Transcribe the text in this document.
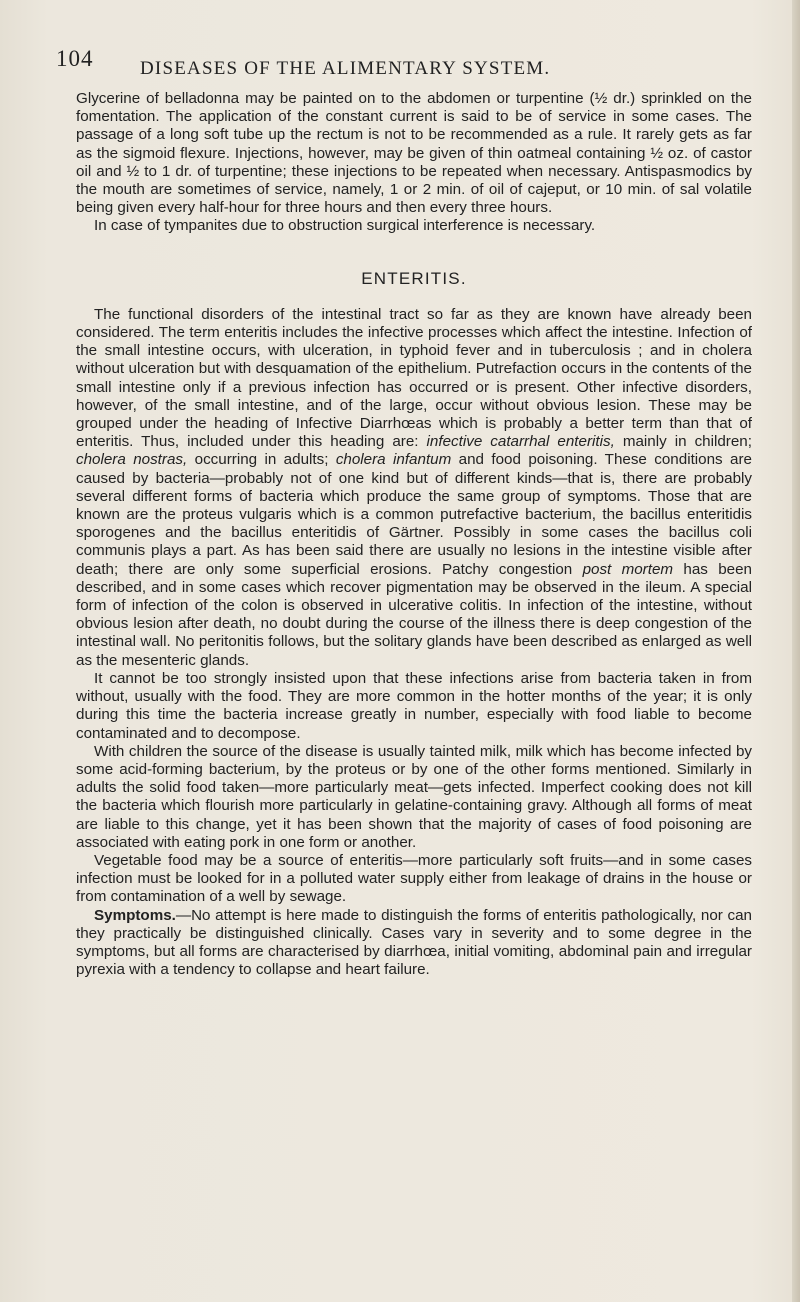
104 DISEASES OF THE ALIMENTARY SYSTEM.

Glycerine of belladonna may be painted on to the abdomen or turpentine (½ dr.) sprinkled on the fomentation. The application of the constant current is said to be of service in some cases. The passage of a long soft tube up the rectum is not to be recommended as a rule. It rarely gets as far as the sigmoid flexure. Injections, however, may be given of thin oatmeal containing ½ oz. of castor oil and ½ to 1 dr. of turpentine; these injections to be repeated when necessary. Antispasmodics by the mouth are sometimes of service, namely, 1 or 2 min. of oil of cajeput, or 10 min. of sal volatile being given every half-hour for three hours and then every three hours.

In case of tympanites due to obstruction surgical interference is necessary.

ENTERITIS.

The functional disorders of the intestinal tract so far as they are known have already been considered. The term enteritis includes the infective processes which affect the intestine. Infection of the small intestine occurs, with ulceration, in typhoid fever and in tuberculosis ; and in cholera without ulceration but with desquamation of the epithelium. Putrefaction occurs in the contents of the small intestine only if a previous infection has occurred or is present. Other infective disorders, however, of the small intestine, and of the large, occur without obvious lesion. These may be grouped under the heading of Infective Diarrhœas which is probably a better term than that of enteritis. Thus, included under this heading are: infective catarrhal enteritis, mainly in children; cholera nostras, occurring in adults; cholera infantum and food poisoning. These conditions are caused by bacteria—probably not of one kind but of different kinds—that is, there are probably several different forms of bacteria which produce the same group of symptoms. Those that are known are the proteus vulgaris which is a common putrefactive bacterium, the bacillus enteritidis sporogenes and the bacillus enteritidis of Gärtner. Possibly in some cases the bacillus coli communis plays a part. As has been said there are usually no lesions in the intestine visible after death; there are only some superficial erosions. Patchy congestion post mortem has been described, and in some cases which recover pigmentation may be observed in the ileum. A special form of infection of the colon is observed in ulcerative colitis. In infection of the intestine, without obvious lesion after death, no doubt during the course of the illness there is deep congestion of the intestinal wall. No peritonitis follows, but the solitary glands have been described as enlarged as well as the mesenteric glands.

It cannot be too strongly insisted upon that these infections arise from bacteria taken in from without, usually with the food. They are more common in the hotter months of the year; it is only during this time the bacteria increase greatly in number, especially with food liable to become contaminated and to decompose.

With children the source of the disease is usually tainted milk, milk which has become infected by some acid-forming bacterium, by the proteus or by one of the other forms mentioned. Similarly in adults the solid food taken—more particularly meat—gets infected. Imperfect cooking does not kill the bacteria which flourish more particularly in gelatine-containing gravy. Although all forms of meat are liable to this change, yet it has been shown that the majority of cases of food poisoning are associated with eating pork in one form or another.

Vegetable food may be a source of enteritis—more particularly soft fruits—and in some cases infection must be looked for in a polluted water supply either from leakage of drains in the house or from contamination of a well by sewage.

Symptoms.—No attempt is here made to distinguish the forms of enteritis pathologically, nor can they practically be distinguished clinically. Cases vary in severity and to some degree in the symptoms, but all forms are characterised by diarrhœa, initial vomiting, abdominal pain and irregular pyrexia with a tendency to collapse and heart failure.
